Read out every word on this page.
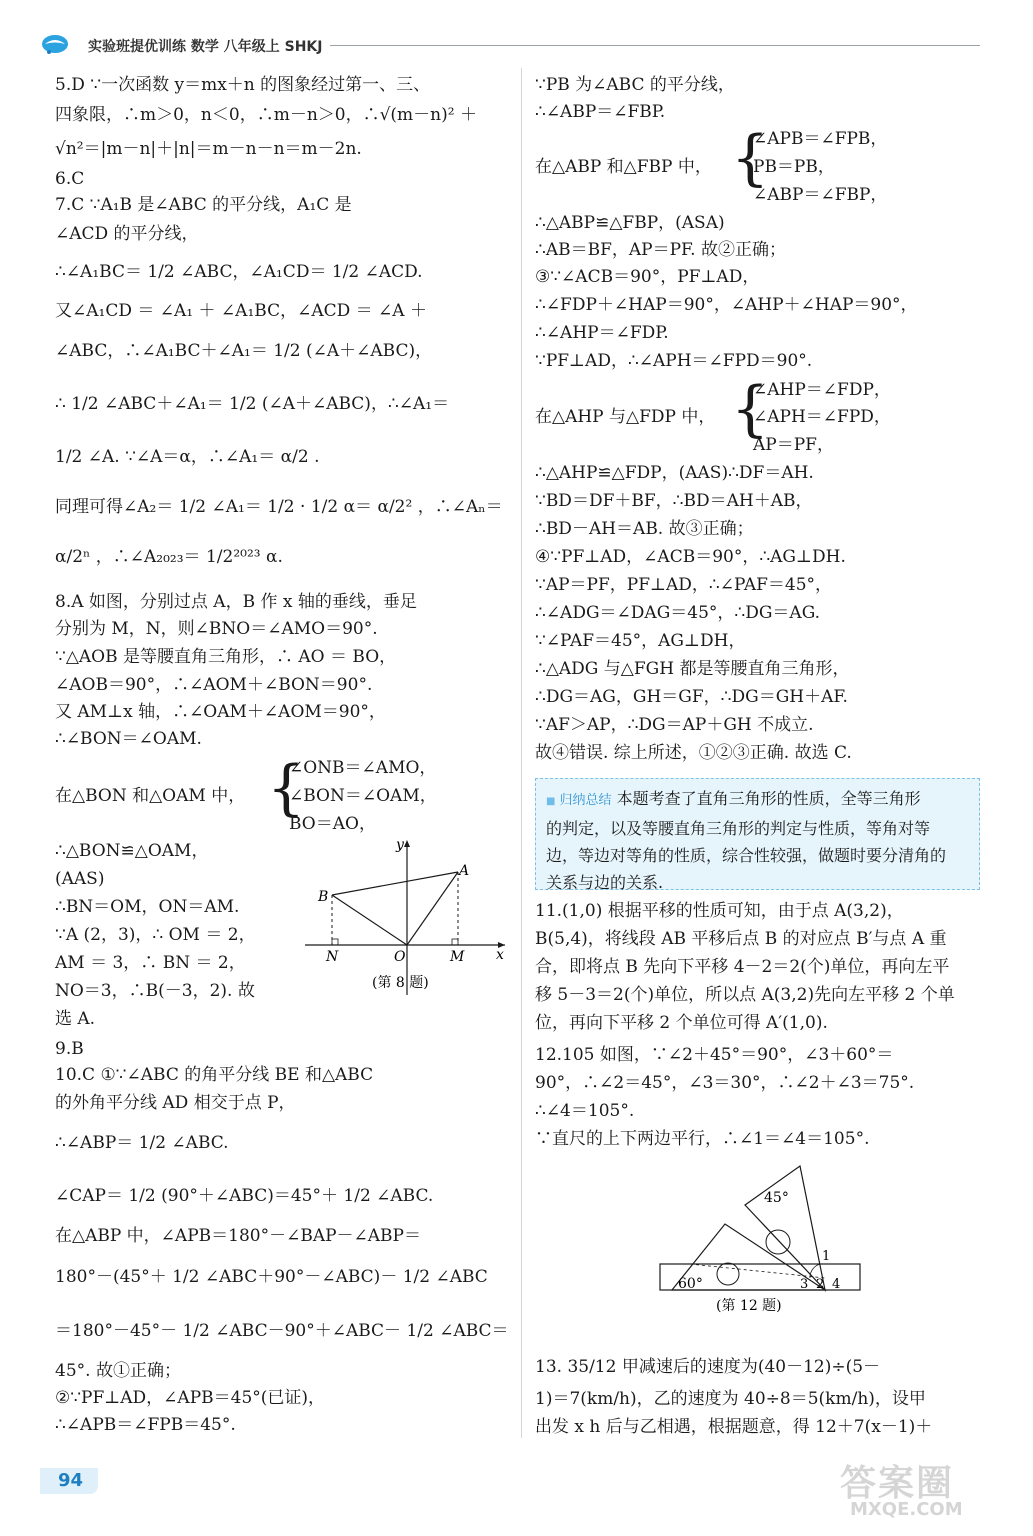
实验班提优训练 数学 八年级上 SHKJ
5.D ∵一次函数 y＝mx＋n 的图象经过第一、三、
四象限，∴m＞0，n＜0，∴m－n＞0，∴√(m－n)² ＋
√n²＝|m－n|＋|n|＝m－n－n＝m－2n.
6.C
7.C ∵A₁B 是∠ABC 的平分线，A₁C 是
∠ACD 的平分线，
∴∠A₁BC＝ 1/2 ∠ABC，∠A₁CD＝ 1/2 ∠ACD.
又∠A₁CD ＝ ∠A₁ ＋ ∠A₁BC，∠ACD ＝ ∠A ＋
∠ABC，∴∠A₁BC＋∠A₁＝ 1/2 (∠A＋∠ABC)，
∴ 1/2 ∠ABC＋∠A₁＝ 1/2 (∠A＋∠ABC)，∴∠A₁＝
1/2 ∠A. ∵∠A＝α，∴∠A₁＝ α/2 .
同理可得∠A₂＝ 1/2 ∠A₁＝ 1/2 · 1/2 α＝ α/2² ，∴∠Aₙ＝
α/2ⁿ ，∴∠A₂₀₂₃＝ 1/2²⁰²³ α.
8.A 如图，分别过点 A，B 作 x 轴的垂线，垂足
分别为 M，N，则∠BNO＝∠AMO＝90°.
∵△AOB 是等腰直角三角形，∴ AO ＝ BO，
∠AOB＝90°，∴∠AOM＋∠BON＝90°.
又 AM⊥x 轴，∴∠OAM＋∠AOM＝90°，
∴∠BON＝∠OAM.
在△BON 和△OAM 中， {
∠ONB＝∠AMO，
∠BON＝∠OAM，
BO＝AO，
∴△BON≌△OAM，
(AAS)
∴BN＝OM，ON＝AM.
∵A (2，3)，∴ OM ＝ 2，
AM ＝ 3，∴ BN ＝ 2，
NO＝3，∴B(－3，2). 故
选 A.
9.B
10.C ①∵∠ABC 的角平分线 BE 和△ABC
的外角平分线 AD 相交于点 P，
∴∠ABP＝ 1/2 ∠ABC.
∠CAP＝ 1/2 (90°＋∠ABC)＝45°＋ 1/2 ∠ABC.
在△ABP 中，∠APB＝180°－∠BAP－∠ABP＝
180°－(45°＋ 1/2 ∠ABC＋90°－∠ABC)－ 1/2 ∠ABC
＝180°－45°－ 1/2 ∠ABC－90°＋∠ABC－ 1/2 ∠ABC＝
45°. 故①正确；
②∵PF⊥AD，∠APB＝45°(已证)，
∴∠APB＝∠FPB＝45°.
y
x
A
B
N	O	M
(第 8 题)
∵PB 为∠ABC 的平分线，
∴∠ABP＝∠FBP.
在△ABP 和△FBP 中， {
∠APB＝∠FPB，
PB＝PB，
∠ABP＝∠FBP，
∴△ABP≌△FBP，(ASA)
∴AB＝BF，AP＝PF. 故②正确；
③∵∠ACB＝90°，PF⊥AD，
∴∠FDP＋∠HAP＝90°，∠AHP＋∠HAP＝90°，
∴∠AHP＝∠FDP.
∵PF⊥AD，∴∠APH＝∠FPD＝90°.
在△AHP 与△FDP 中， {
∠AHP＝∠FDP，
∠APH＝∠FPD，
AP＝PF，
∴△AHP≌△FDP，(AAS)∴DF＝AH.
∵BD＝DF＋BF，∴BD＝AH＋AB，
∴BD－AH＝AB. 故③正确；
④∵PF⊥AD，∠ACB＝90°，∴AG⊥DH.
∵AP＝PF，PF⊥AD，∴∠PAF＝45°，
∴∠ADG＝∠DAG＝45°，∴DG＝AG.
∵∠PAF＝45°，AG⊥DH，
∴△ADG 与△FGH 都是等腰直角三角形，
∴DG＝AG，GH＝GF，∴DG＝GH＋AF.
∵AF＞AP，∴DG＝AP＋GH 不成立.
故④错误. 综上所述，①②③正确. 故选 C.
11.(1,0) 根据平移的性质可知，由于点 A(3,2)，
B(5,4)，将线段 AB 平移后点 B 的对应点 B′与点 A 重
合，即将点 B 先向下平移 4－2＝2(个)单位，再向左平
移 5－3＝2(个)单位，所以点 A(3,2)先向左平移 2 个单
位，再向下平移 2 个单位可得 A′(1,0).
12.105 如图，∵∠2＋45°＝90°，∠3＋60°＝
90°，∴∠2＝45°，∠3＝30°，∴∠2＋∠3＝75°.
∴∠4＝105°.
∵直尺的上下两边平行，∴∠1＝∠4＝105°.
13. 35/12 甲减速后的速度为(40－12)÷(5－
1)＝7(km/h)，乙的速度为 40÷8＝5(km/h)，设甲
出发 x h 后与乙相遇，根据题意，得 12＋7(x－1)＋

■ 归纳总结 本题考查了直角三角形的性质，全等三角形

的判定，以及等腰直角三角形的判定与性质，等角对等

边，等边对等角的性质，综合性较强，做题时要分清角的

关系与边的关系.

45°
60°
1
2
3 4
(第 12 题)
94	答案圈
MXQE.COM
